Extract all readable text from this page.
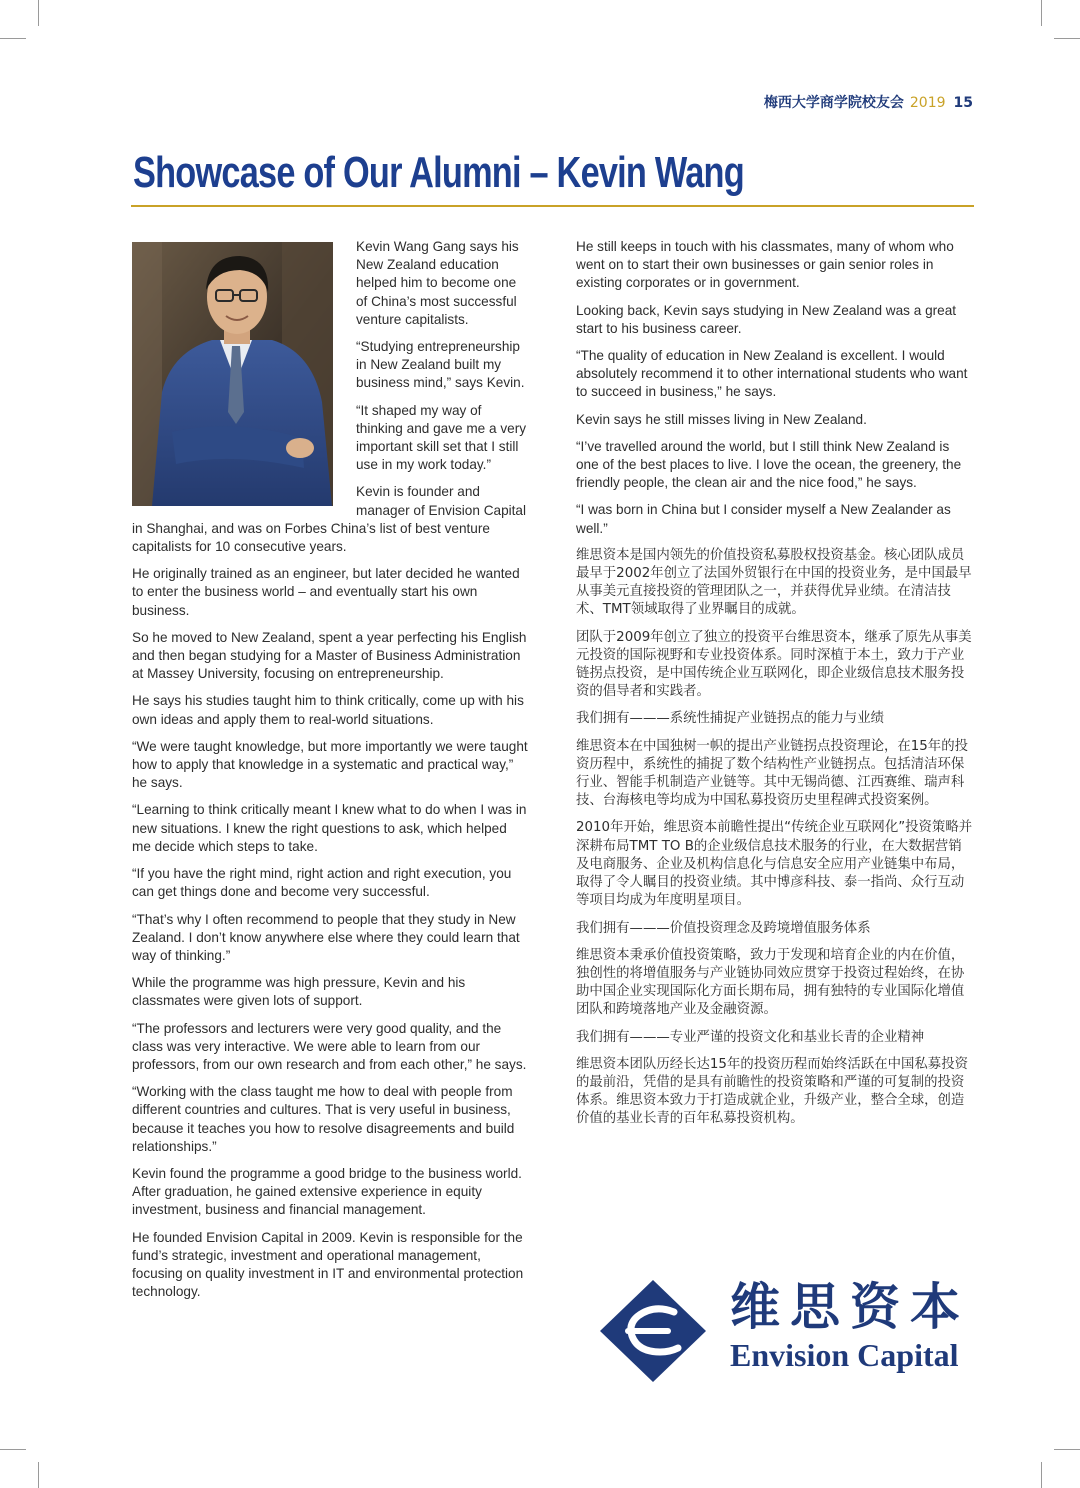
梅西大学商学院校友会 2019 15
Showcase of Our Alumni – Kevin Wang

Kevin Wang Gang says his New Zealand education helped him to become one of China’s most successful venture capitalists.

“Studying entrepreneurship in New Zealand built my business mind,” says Kevin.

“It shaped my way of thinking and gave me a very important skill set that I still use in my work today.”

Kevin is founder and manager of Envision Capital

in Shanghai, and was on Forbes China’s list of best venture capitalists for 10 consecutive years.

He originally trained as an engineer, but later decided he wanted to enter the business world – and eventually start his own business.

So he moved to New Zealand, spent a year perfecting his English and then began studying for a Master of Business Administration at Massey University, focusing on entrepreneurship.

He says his studies taught him to think critically, come up with his own ideas and apply them to real-world situations.

“We were taught knowledge, but more importantly we were taught how to apply that knowledge in a systematic and practical way,” he says.

“Learning to think critically meant I knew what to do when I was in new situations. I knew the right questions to ask, which helped me decide which steps to take.

“If you have the right mind, right action and right execution, you can get things done and become very successful.

“That’s why I often recommend to people that they study in New Zealand. I don’t know anywhere else where they could learn that way of thinking.”

While the programme was high pressure, Kevin and his classmates were given lots of support.

“The professors and lecturers were very good quality, and the class was very interactive. We were able to learn from our professors, from our own research and from each other,” he says.

“Working with the class taught me how to deal with people from different countries and cultures. That is very useful in business, because it teaches you how to resolve disagreements and build relationships.”

Kevin found the programme a good bridge to the business world. After graduation, he gained extensive experience in equity investment, business and financial management.

He founded Envision Capital in 2009. Kevin is responsible for the fund’s strategic, investment and operational management, focusing on quality investment in IT and environmental protection technology.

He still keeps in touch with his classmates, many of whom who went on to start their own businesses or gain senior roles in existing corporates or in government.

Looking back, Kevin says studying in New Zealand was a great start to his business career.

“The quality of education in New Zealand is excellent. I would absolutely recommend it to other international students who want to succeed in business,” he says.

Kevin says he still misses living in New Zealand.

“I’ve travelled around the world, but I still think New Zealand is one of the best places to live. I love the ocean, the greenery, the friendly people, the clean air and the nice food,” he says.

“I was born in China but I consider myself a New Zealander as well.”

维思资本是国内领先的价值投资私募股权投资基金。核心团队成员最早于2002年创立了法国外贸银行在中国的投资业务，是中国最早从事美元直接投资的管理团队之一，并获得优异业绩。在清洁技术、TMT领域取得了业界瞩目的成就。

团队于2009年创立了独立的投资平台维思资本，继承了原先从事美元投资的国际视野和专业投资体系。同时深植于本土，致力于产业链拐点投资，是中国传统企业互联网化，即企业级信息技术服务投资的倡导者和实践者。

我们拥有———系统性捕捉产业链拐点的能力与业绩

维思资本在中国独树一帜的提出产业链拐点投资理论，在15年的投资历程中，系统性的捕捉了数个结构性产业链拐点。包括清洁环保行业、智能手机制造产业链等。其中无锡尚德、江西赛维、瑞声科技、台海核电等均成为中国私募投资历史里程碑式投资案例。

2010年开始，维思资本前瞻性提出“传统企业互联网化”投资策略并深耕布局TMT TO B的企业级信息技术服务的行业，在大数据营销及电商服务、企业及机构信息化与信息安全应用产业链集中布局，取得了令人瞩目的投资业绩。其中博彦科技、泰一指尚、众行互动等项目均成为年度明星项目。

我们拥有———价值投资理念及跨境增值服务体系

维思资本秉承价值投资策略，致力于发现和培育企业的内在价值，独创性的将增值服务与产业链协同效应贯穿于投资过程始终，在协助中国企业实现国际化方面长期布局，拥有独特的专业国际化增值团队和跨境落地产业及金融资源。

我们拥有———专业严谨的投资文化和基业长青的企业精神

维思资本团队历经长达15年的投资历程而始终活跃在中国私募投资的最前沿，凭借的是具有前瞻性的投资策略和严谨的可复制的投资体系。维思资本致力于打造成就企业，升级产业，整合全球，创造价值的基业长青的百年私募投资机构。

维思资本
Envision Capital
